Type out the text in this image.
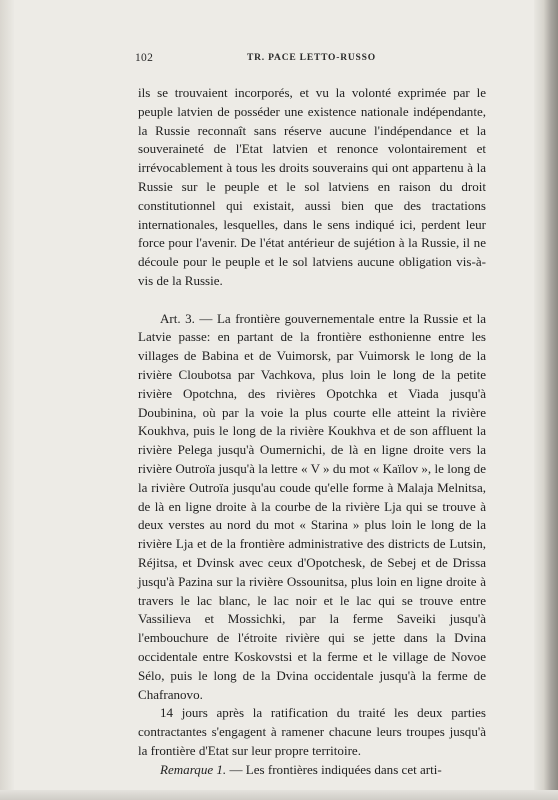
102	TR. PACE LETTO-RUSSO

ils se trouvaient incorporés, et vu la volonté exprimée par le peuple latvien de posséder une existence nationale indépendante, la Russie reconnaît sans réserve aucune l'indépendance et la souveraineté de l'Etat latvien et renonce volontairement et irrévocablement à tous les droits souverains qui ont appartenu à la Russie sur le peuple et le sol latviens en raison du droit constitutionnel qui existait, aussi bien que des tractations internationales, lesquelles, dans le sens indiqué ici, perdent leur force pour l'avenir. De l'état antérieur de sujétion à la Russie, il ne découle pour le peuple et le sol latviens aucune obligation vis-à-vis de la Russie.

Art. 3. — La frontière gouvernementale entre la Russie et la Latvie passe: en partant de la frontière esthonienne entre les villages de Babina et de Vuimorsk, par Vuimorsk le long de la rivière Cloubotsa par Vachkova, plus loin le long de la petite rivière Opotchna, des rivières Opotchka et Viada jusqu'à Doubinina, où par la voie la plus courte elle atteint la rivière Koukhva, puis le long de la rivière Koukhva et de son affluent la rivière Pelega jusqu'à Oumernichi, de là en ligne droite vers la rivière Outroïa jusqu'à la lettre « V » du mot « Kaïlov », le long de la rivière Outroïa jusqu'au coude qu'elle forme à Malaja Melnitsa, de là en ligne droite à la courbe de la rivière Lja qui se trouve à deux verstes au nord du mot « Starina » plus loin le long de la rivière Lja et de la frontière administrative des districts de Lutsin, Réjitsa, et Dvinsk avec ceux d'Opotchesk, de Sebej et de Drissa jusqu'à Pazina sur la rivière Ossounitsa, plus loin en ligne droite à travers le lac blanc, le lac noir et le lac qui se trouve entre Vassilieva et Mossichki, par la ferme Saveiki jusqu'à l'embouchure de l'étroite rivière qui se jette dans la Dvina occidentale entre Koskovstsi et la ferme et le village de Novoe Sélo, puis le long de la Dvina occidentale jusqu'à la ferme de Chafranovo.

14 jours après la ratification du traité les deux parties contractantes s'engagent à ramener chacune leurs troupes jusqu'à la frontière d'Etat sur leur propre territoire.

Remarque 1. — Les frontières indiquées dans cet arti-
